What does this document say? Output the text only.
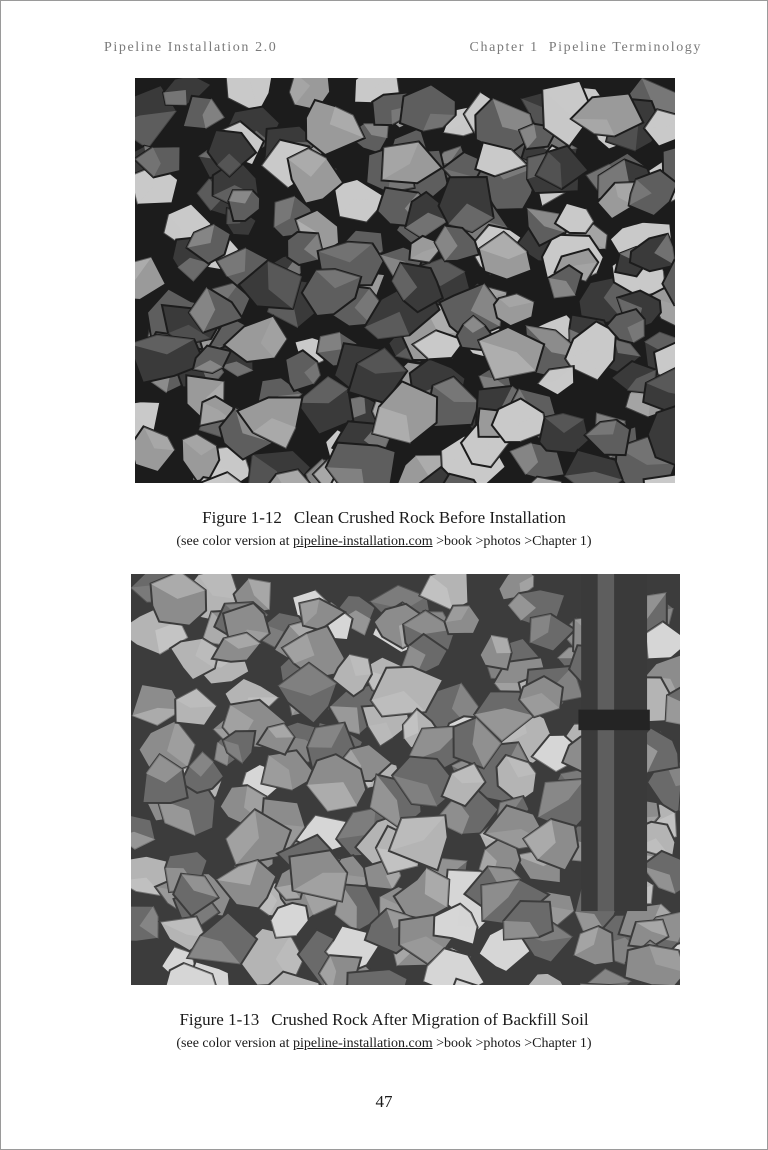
Pipeline Installation 2.0	Chapter 1 Pipeline Terminology
Figure 1-12 Clean Crushed Rock Before Installation
(see color version at pipeline-installation.com >book >photos >Chapter 1)
Figure 1-13 Crushed Rock After Migration of Backfill Soil
(see color version at pipeline-installation.com >book >photos >Chapter 1)
47
